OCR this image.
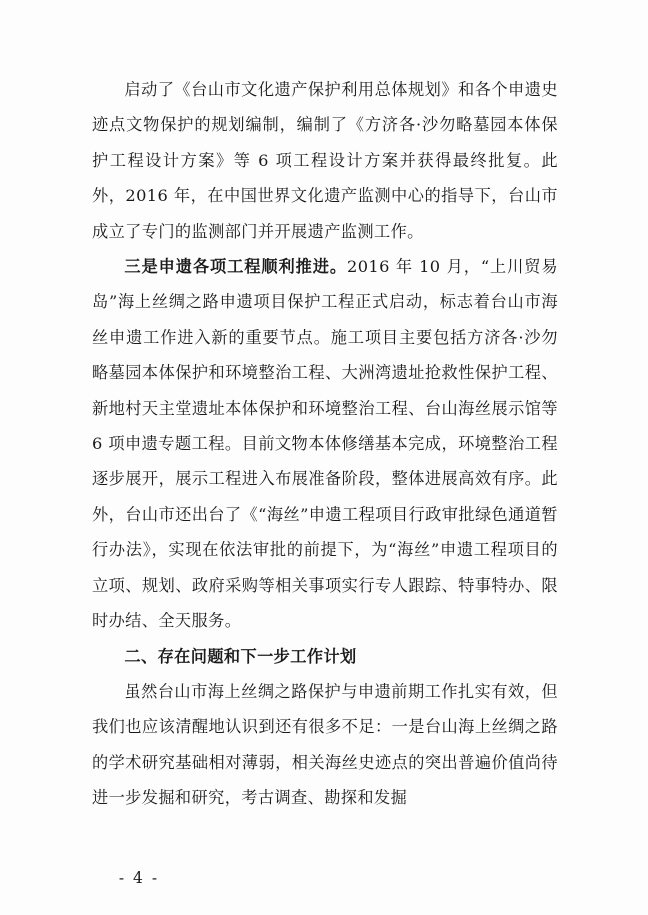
启动了《台山市文化遗产保护利用总体规划》和各个申遗史迹点文物保护的规划编制，编制了《方济各·沙勿略墓园本体保护工程设计方案》等 6 项工程设计方案并获得最终批复。此外，2016 年，在中国世界文化遗产监测中心的指导下，台山市成立了专门的监测部门并开展遗产监测工作。

三是申遗各项工程顺利推进。2016 年 10 月，“上川贸易岛”海上丝绸之路申遗项目保护工程正式启动，标志着台山市海丝申遗工作进入新的重要节点。施工项目主要包括方济各·沙勿略墓园本体保护和环境整治工程、大洲湾遗址抢救性保护工程、新地村天主堂遗址本体保护和环境整治工程、台山海丝展示馆等 6 项申遗专题工程。目前文物本体修缮基本完成，环境整治工程逐步展开，展示工程进入布展准备阶段，整体进展高效有序。此外，台山市还出台了《“海丝”申遗工程项目行政审批绿色通道暂行办法》，实现在依法审批的前提下，为“海丝”申遗工程项目的立项、规划、政府采购等相关事项实行专人跟踪、特事特办、限时办结、全天服务。

二、存在问题和下一步工作计划

虽然台山市海上丝绸之路保护与申遗前期工作扎实有效，但我们也应该清醒地认识到还有很多不足：一是台山海上丝绸之路的学术研究基础相对薄弱，相关海丝史迹点的突出普遍价值尚待进一步发掘和研究，考古调查、勘探和发掘

- 4 -
